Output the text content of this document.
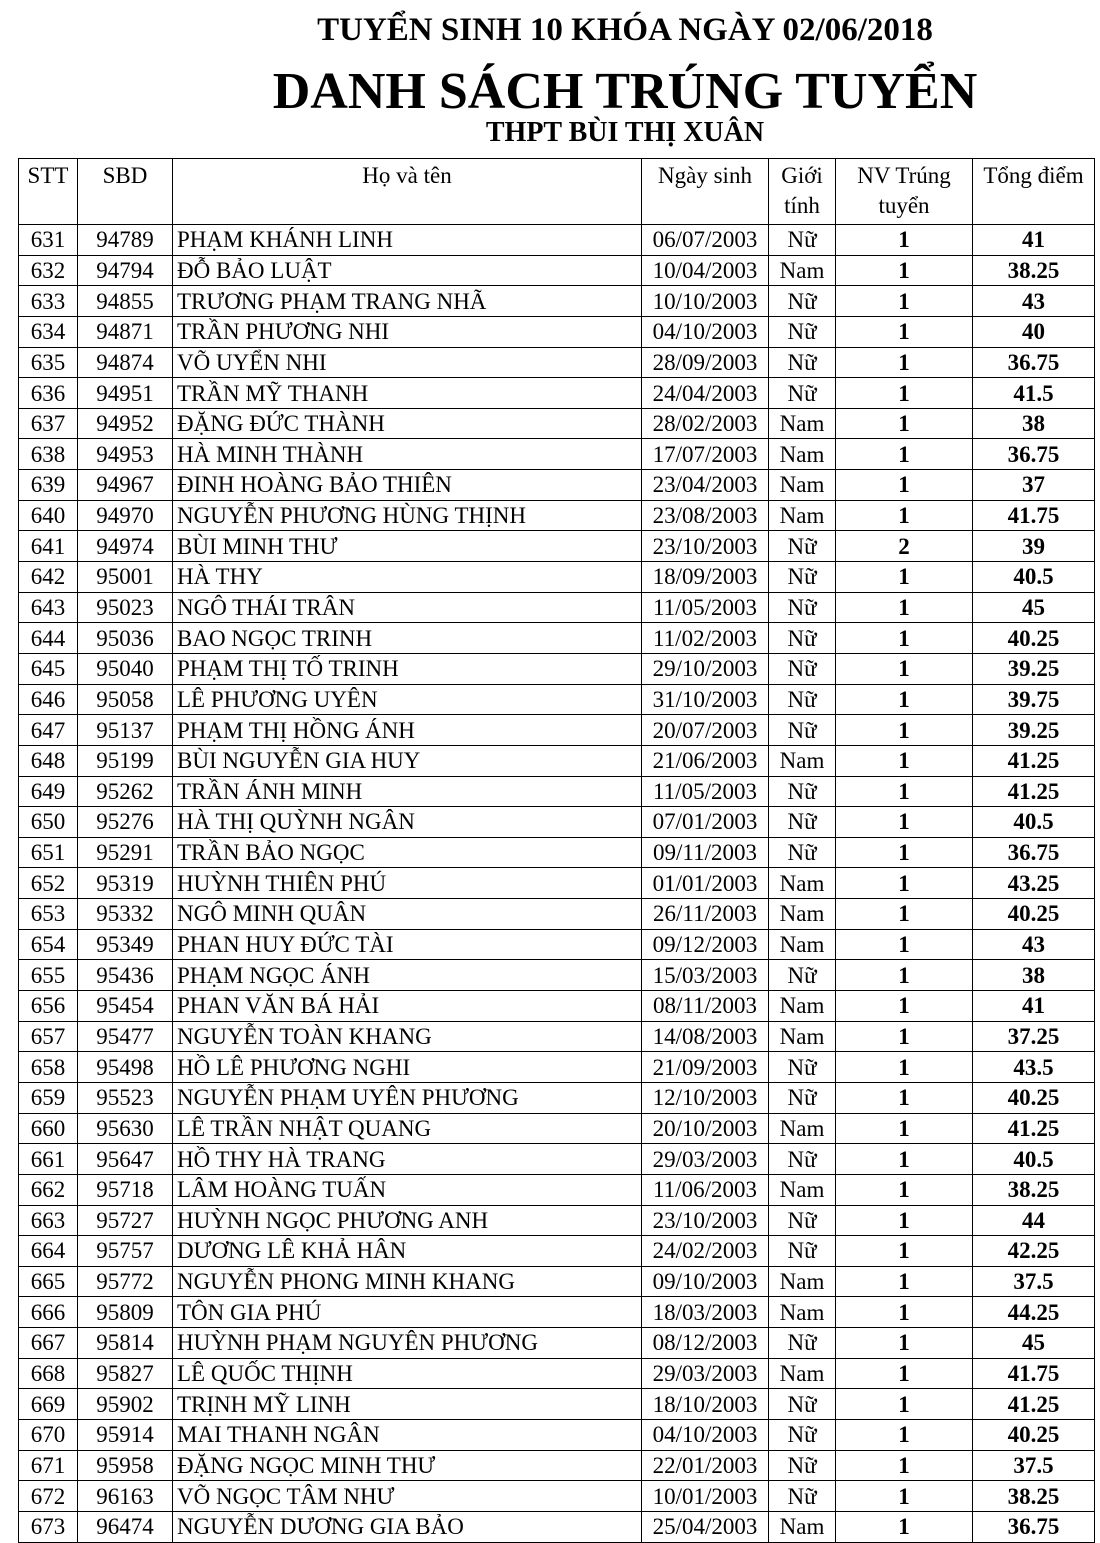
TUYỂN SINH 10 KHÓA NGÀY 02/06/2018
DANH SÁCH TRÚNG TUYỂN
THPT BÙI THỊ XUÂN
STT	SBD	Họ và tên	Ngày sinh	Giới tính	NV Trúng tuyển	Tổng điểm
631	94789	PHẠM KHÁNH LINH	06/07/2003	Nữ	1	41
632	94794	ĐỖ BẢO LUẬT	10/04/2003	Nam	1	38.25
633	94855	TRƯƠNG PHẠM TRANG NHÃ	10/10/2003	Nữ	1	43
634	94871	TRẦN PHƯƠNG NHI	04/10/2003	Nữ	1	40
635	94874	VÕ UYỂN NHI	28/09/2003	Nữ	1	36.75
636	94951	TRẦN MỸ THANH	24/04/2003	Nữ	1	41.5
637	94952	ĐẶNG ĐỨC THÀNH	28/02/2003	Nam	1	38
638	94953	HÀ MINH THÀNH	17/07/2003	Nam	1	36.75
639	94967	ĐINH HOÀNG BẢO THIÊN	23/04/2003	Nam	1	37
640	94970	NGUYỄN PHƯƠNG HÙNG THỊNH	23/08/2003	Nam	1	41.75
641	94974	BÙI MINH THƯ	23/10/2003	Nữ	2	39
642	95001	HÀ THY	18/09/2003	Nữ	1	40.5
643	95023	NGÔ THÁI TRÂN	11/05/2003	Nữ	1	45
644	95036	BAO NGỌC TRINH	11/02/2003	Nữ	1	40.25
645	95040	PHẠM THỊ TỐ TRINH	29/10/2003	Nữ	1	39.25
646	95058	LÊ PHƯƠNG UYÊN	31/10/2003	Nữ	1	39.75
647	95137	PHẠM THỊ HỒNG ÁNH	20/07/2003	Nữ	1	39.25
648	95199	BÙI NGUYỄN GIA HUY	21/06/2003	Nam	1	41.25
649	95262	TRẦN ÁNH MINH	11/05/2003	Nữ	1	41.25
650	95276	HÀ THỊ QUỲNH NGÂN	07/01/2003	Nữ	1	40.5
651	95291	TRẦN BẢO NGỌC	09/11/2003	Nữ	1	36.75
652	95319	HUỲNH THIÊN PHÚ	01/01/2003	Nam	1	43.25
653	95332	NGÔ MINH QUÂN	26/11/2003	Nam	1	40.25
654	95349	PHAN HUY ĐỨC TÀI	09/12/2003	Nam	1	43
655	95436	PHẠM NGỌC ÁNH	15/03/2003	Nữ	1	38
656	95454	PHAN VĂN BÁ HẢI	08/11/2003	Nam	1	41
657	95477	NGUYỄN TOÀN KHANG	14/08/2003	Nam	1	37.25
658	95498	HỒ LÊ PHƯƠNG NGHI	21/09/2003	Nữ	1	43.5
659	95523	NGUYỄN PHẠM UYÊN PHƯƠNG	12/10/2003	Nữ	1	40.25
660	95630	LÊ TRẦN NHẬT QUANG	20/10/2003	Nam	1	41.25
661	95647	HỒ THY HÀ TRANG	29/03/2003	Nữ	1	40.5
662	95718	LÂM HOÀNG TUẤN	11/06/2003	Nam	1	38.25
663	95727	HUỲNH NGỌC PHƯƠNG ANH	23/10/2003	Nữ	1	44
664	95757	DƯƠNG LÊ KHẢ HÂN	24/02/2003	Nữ	1	42.25
665	95772	NGUYỄN PHONG MINH KHANG	09/10/2003	Nam	1	37.5
666	95809	TÔN GIA PHÚ	18/03/2003	Nam	1	44.25
667	95814	HUỲNH PHẠM NGUYÊN PHƯƠNG	08/12/2003	Nữ	1	45
668	95827	LÊ QUỐC THỊNH	29/03/2003	Nam	1	41.75
669	95902	TRỊNH MỸ LINH	18/10/2003	Nữ	1	41.25
670	95914	MAI THANH NGÂN	04/10/2003	Nữ	1	40.25
671	95958	ĐẶNG NGỌC MINH THƯ	22/01/2003	Nữ	1	37.5
672	96163	VÕ NGỌC TÂM NHƯ	10/01/2003	Nữ	1	38.25
673	96474	NGUYỄN DƯƠNG GIA BẢO	25/04/2003	Nam	1	36.75
